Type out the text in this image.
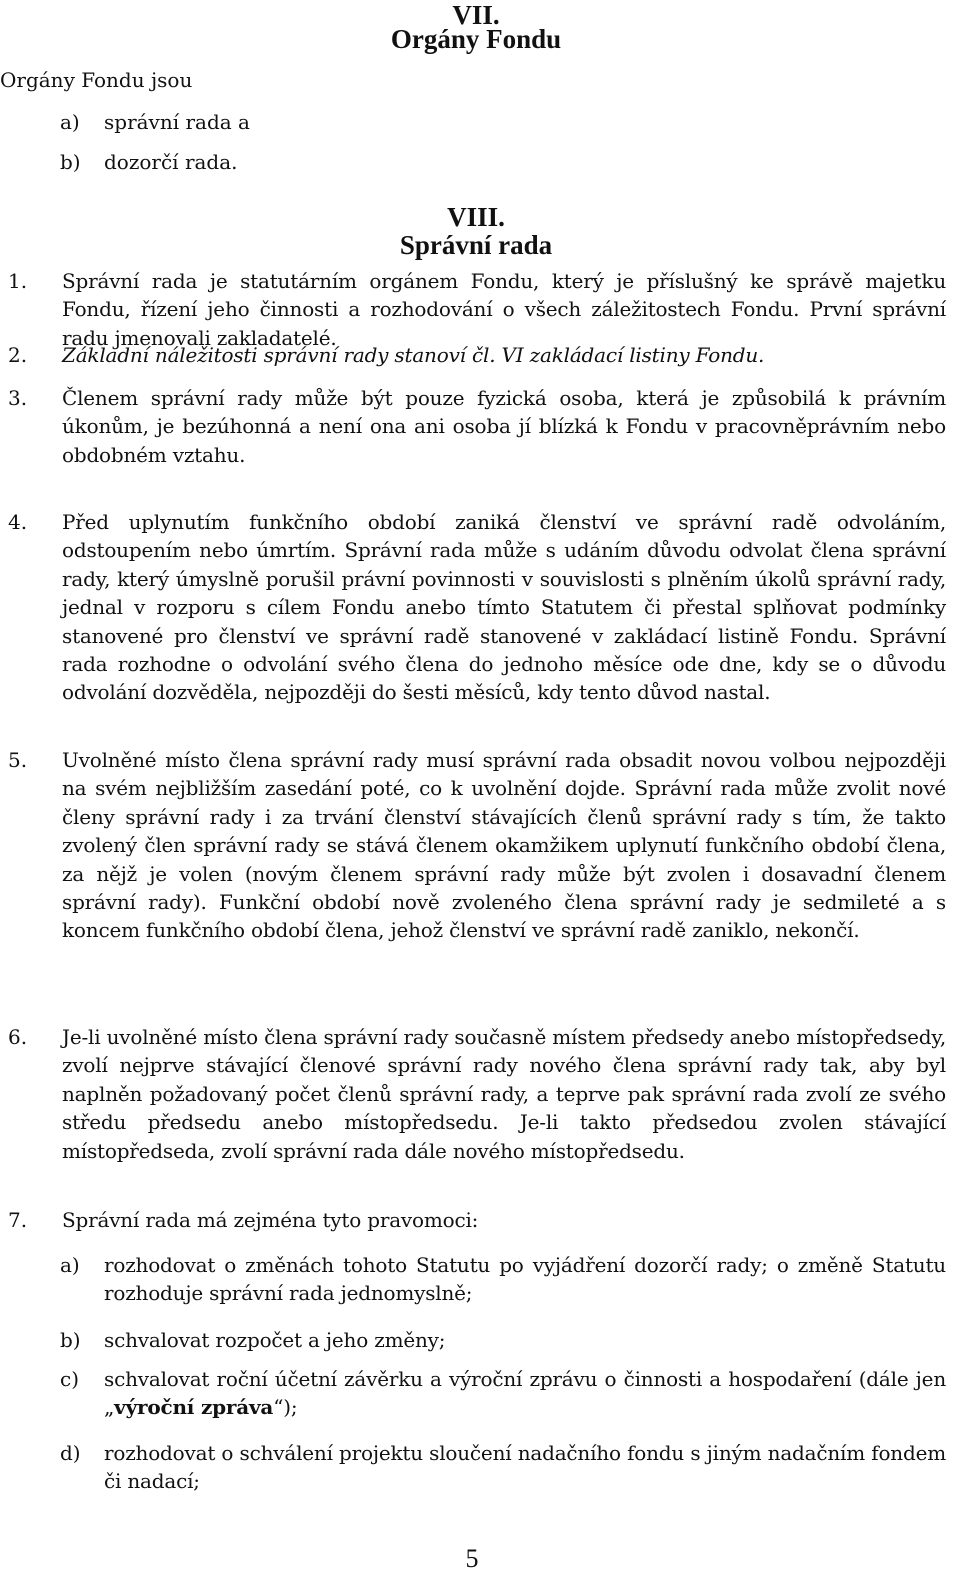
VII.
Orgány Fondu
Orgány Fondu jsou
a) správní rada a
b) dozorčí rada.
VIII.
Správní rada
1. Správní rada je statutárním orgánem Fondu, který je příslušný ke správě majetku Fondu, řízení jeho činnosti a rozhodování o všech záležitostech Fondu. První správní radu jmenovali zakladatelé.
2. Základní náležitosti správní rady stanoví čl. VI zakládací listiny Fondu.
3. Členem správní rady může být pouze fyzická osoba, která je způsobilá k právním úkonům, je bezúhonná a není ona ani osoba jí blízká k Fondu v pracovněprávním nebo obdobném vztahu.
4. Před uplynutím funkčního období zaniká členství ve správní radě odvoláním, odstoupením nebo úmrtím. Správní rada může s udáním důvodu odvolat člena správní rady, který úmyslně porušil právní povinnosti v souvislosti s plněním úkolů správní rady, jednal v rozporu s cílem Fondu anebo tímto Statutem či přestal splňovat podmínky stanovené pro členství ve správní radě stanovené v zakládací listině Fondu. Správní rada rozhodne o odvolání svého člena do jednoho měsíce ode dne, kdy se o důvodu odvolání dozvěděla, nejpozději do šesti měsíců, kdy tento důvod nastal.
5. Uvolněné místo člena správní rady musí správní rada obsadit novou volbou nejpozději na svém nejbližším zasedání poté, co k uvolnění dojde. Správní rada může zvolit nové členy správní rady i za trvání členství stávajících členů správní rady s tím, že takto zvolený člen správní rady se stává členem okamžikem uplynutí funkčního období člena, za nějž je volen (novým členem správní rady může být zvolen i dosavadní členem správní rady). Funkční období nově zvoleného člena správní rady je sedmileté a s koncem funkčního období člena, jehož členství ve správní radě zaniklo, nekončí.
6. Je-li uvolněné místo člena správní rady současně místem předsedy anebo místopředsedy, zvolí nejprve stávající členové správní rady nového člena správní rady tak, aby byl naplněn požadovaný počet členů správní rady, a teprve pak správní rada zvolí ze svého středu předsedu anebo místopředsedu. Je-li takto předsedou zvolen stávající místopředseda, zvolí správní rada dále nového místopředsedu.
7. Správní rada má zejména tyto pravomoci:
a) rozhodovat o změnách tohoto Statutu po vyjádření dozorčí rady; o změně Statutu rozhoduje správní rada jednomyslně;
b) schvalovat rozpočet a jeho změny;
c) schvalovat roční účetní závěrku a výroční zprávu o činnosti a hospodaření (dále jen „výroční zpráva“);
d) rozhodovat o schválení projektu sloučení nadačního fondu s jiným nadačním fondem či nadací;
5
